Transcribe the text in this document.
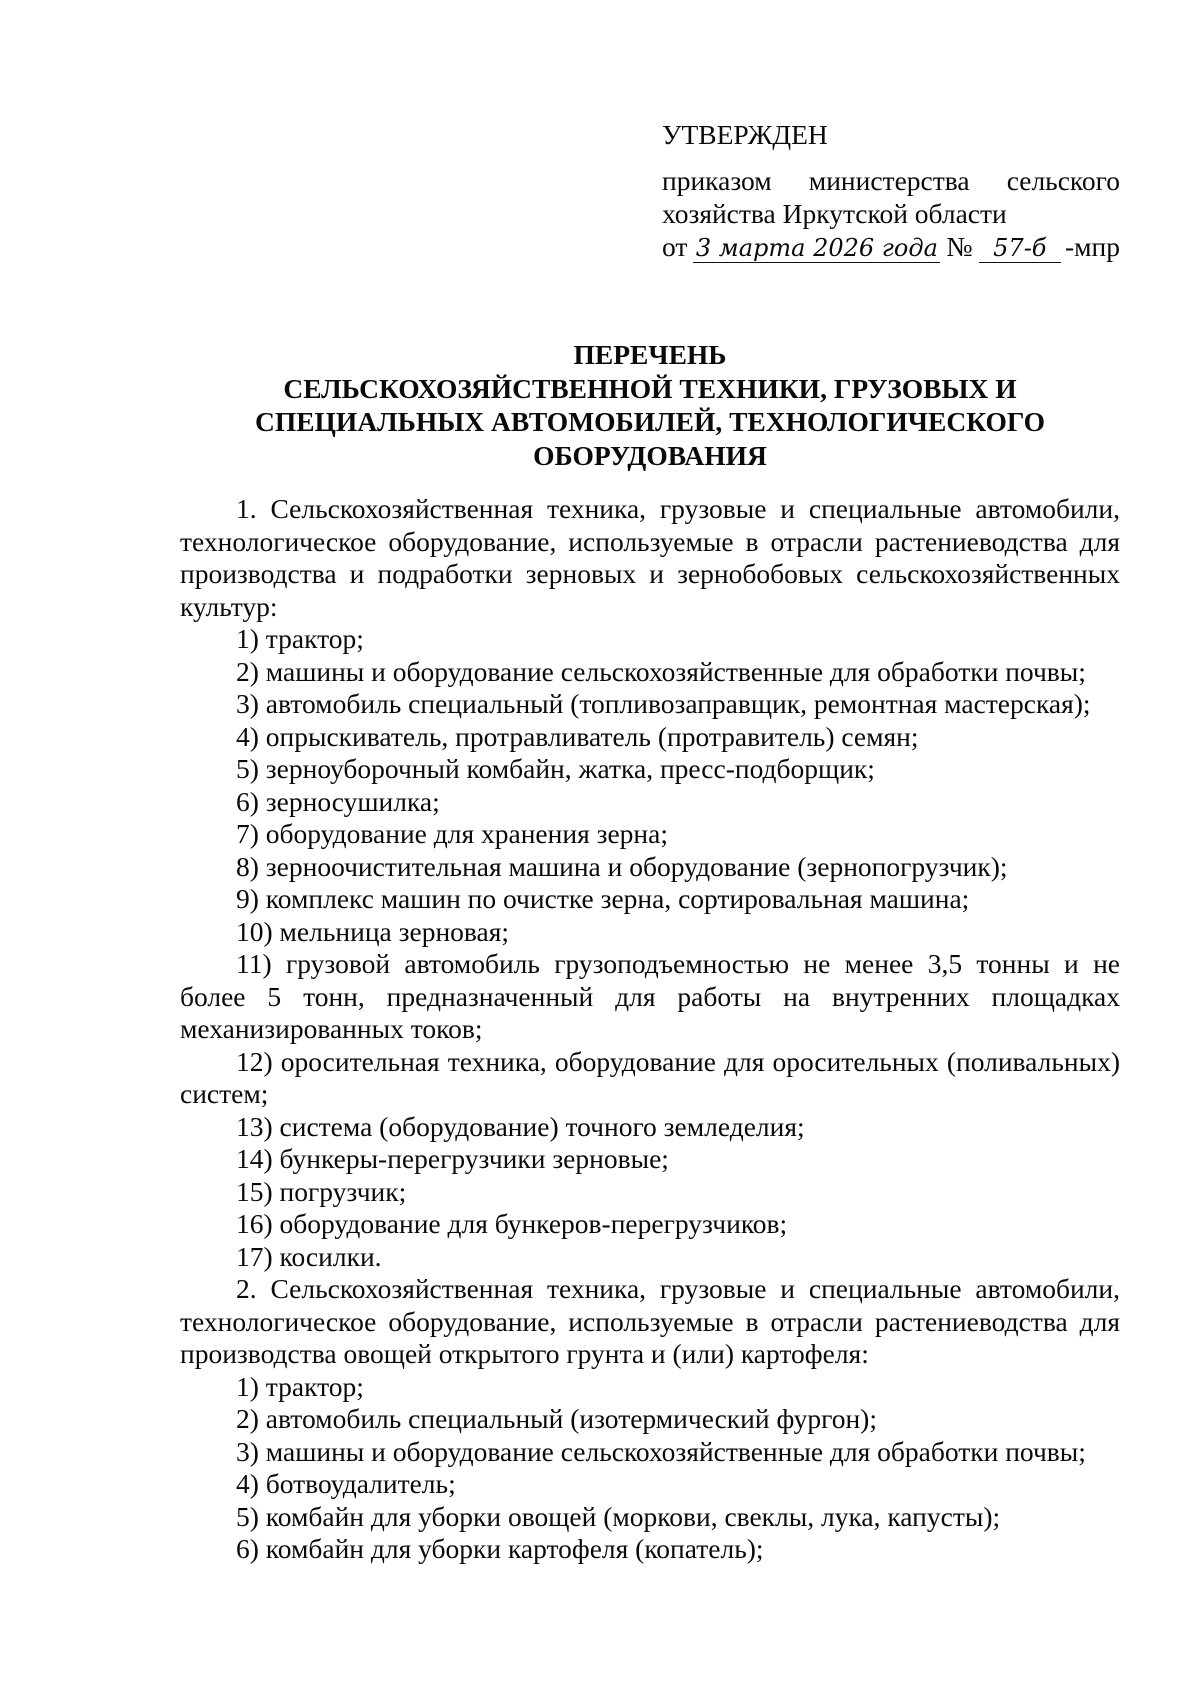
УТВЕРЖДЕН
приказом министерства сельского
хозяйства Иркутской области
от 3 марта 2026 года № 57-б -мпр
ПЕРЕЧЕНЬ
СЕЛЬСКОХОЗЯЙСТВЕННОЙ ТЕХНИКИ, ГРУЗОВЫХ И
СПЕЦИАЛЬНЫХ АВТОМОБИЛЕЙ, ТЕХНОЛОГИЧЕСКОГО
ОБОРУДОВАНИЯ

1. Сельскохозяйственная техника, грузовые и специальные автомобили, технологическое оборудование, используемые в отрасли растениеводства для производства и подработки зерновых и зернобобовых сельскохозяйственных культур:

1) трактор;

2) машины и оборудование сельскохозяйственные для обработки почвы;

3) автомобиль специальный (топливозаправщик, ремонтная мастерская);

4) опрыскиватель, протравливатель (протравитель) семян;

5) зерноуборочный комбайн, жатка, пресс-подборщик;

6) зерносушилка;

7) оборудование для хранения зерна;

8) зерноочистительная машина и оборудование (зернопогрузчик);

9) комплекс машин по очистке зерна, сортировальная машина;

10) мельница зерновая;

11) грузовой автомобиль грузоподъемностью не менее 3,5 тонны и не более 5 тонн, предназначенный для работы на внутренних площадках механизированных токов;

12) оросительная техника, оборудование для оросительных (поливальных) систем;

13) система (оборудование) точного земледелия;

14) бункеры-перегрузчики зерновые;

15) погрузчик;

16) оборудование для бункеров-перегрузчиков;

17) косилки.

2. Сельскохозяйственная техника, грузовые и специальные автомобили, технологическое оборудование, используемые в отрасли растениеводства для производства овощей открытого грунта и (или) картофеля:

1) трактор;

2) автомобиль специальный (изотермический фургон);

3) машины и оборудование сельскохозяйственные для обработки почвы;

4) ботвоудалитель;

5) комбайн для уборки овощей (моркови, свеклы, лука, капусты);

6) комбайн для уборки картофеля (копатель);
